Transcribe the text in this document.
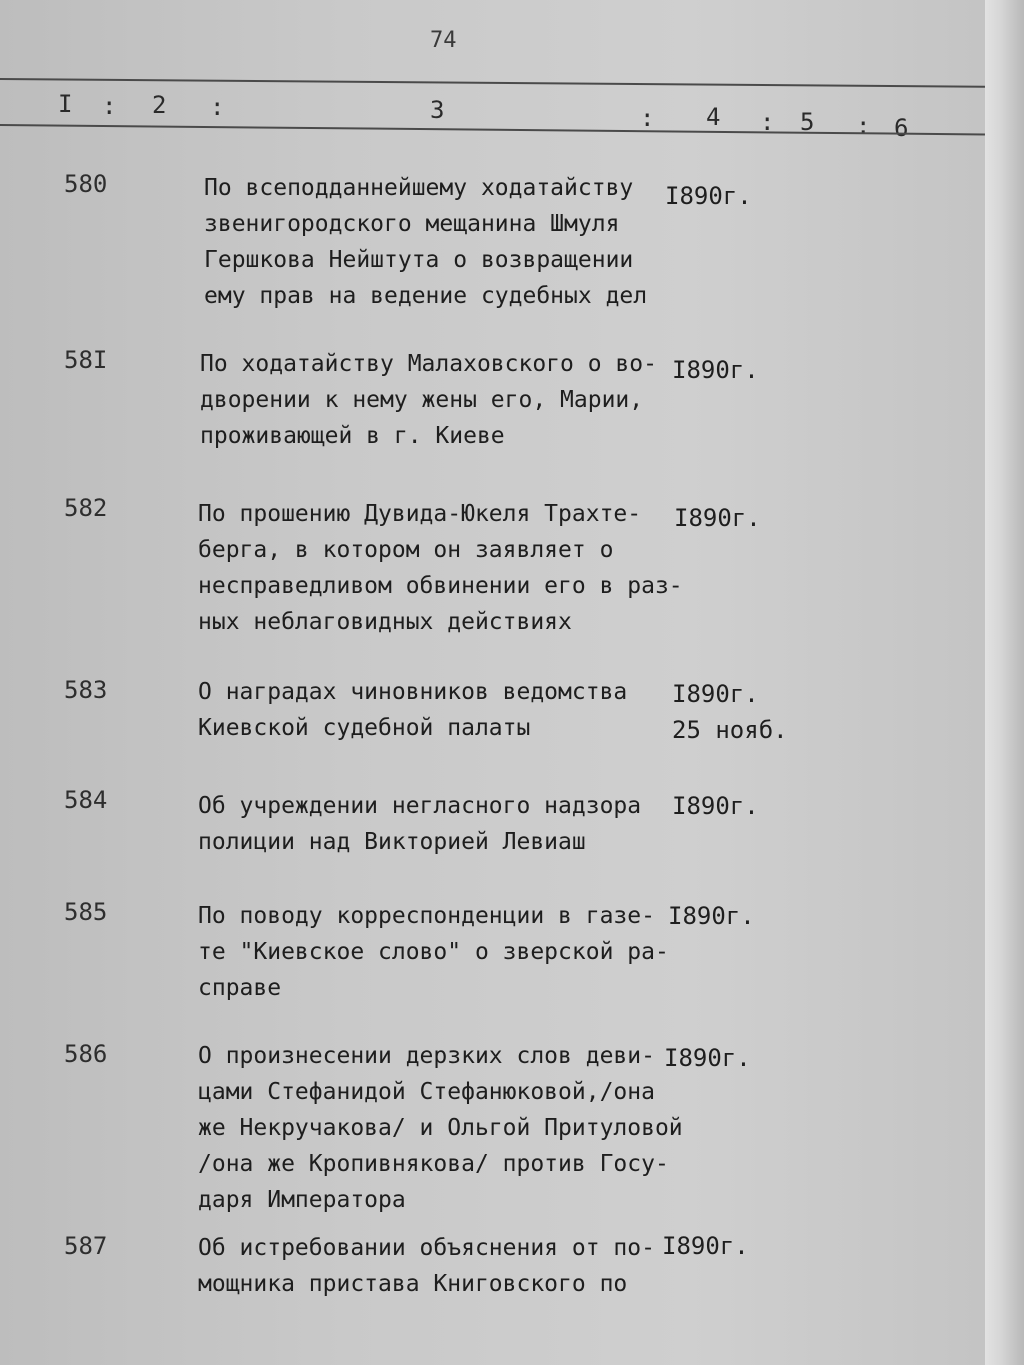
74
I : 2 :	3	: 4 : 5 : 6
580	По всеподданнейшему ходатайству
звенигородского мещанина Шмуля
Гершкова Нейштута о возвращении
ему прав на ведение судебных дел
I890г.
58I	По ходатайству Малаховского о во-
дворении к нему жены его, Марии,
проживающей в г. Киеве
I890г.
582	По прошению Дувида-Юкеля Трахте-
берга, в котором он заявляет о
несправедливом обвинении его в раз-
ных неблаговидных действиях
I890г.
583	О наградах чиновников ведомства
Киевской судебной палаты
I890г.
25 нояб.
584	Об учреждении негласного надзора
полиции над Викторией Левиаш
I890г.
585	По поводу корреспонденции в газе-
те "Киевское слово" о зверской ра-
справе
I890г.
586	О произнесении дерзких слов деви-
цами Стефанидой Стефанюковой,/она
же Некручакова/ и Ольгой Притуловой
/она же Кропивнякова/ против Госу-
даря Императора
I890г.
587	Об истребовании объяснения от по-
мощника пристава Книговского по
I890г.
